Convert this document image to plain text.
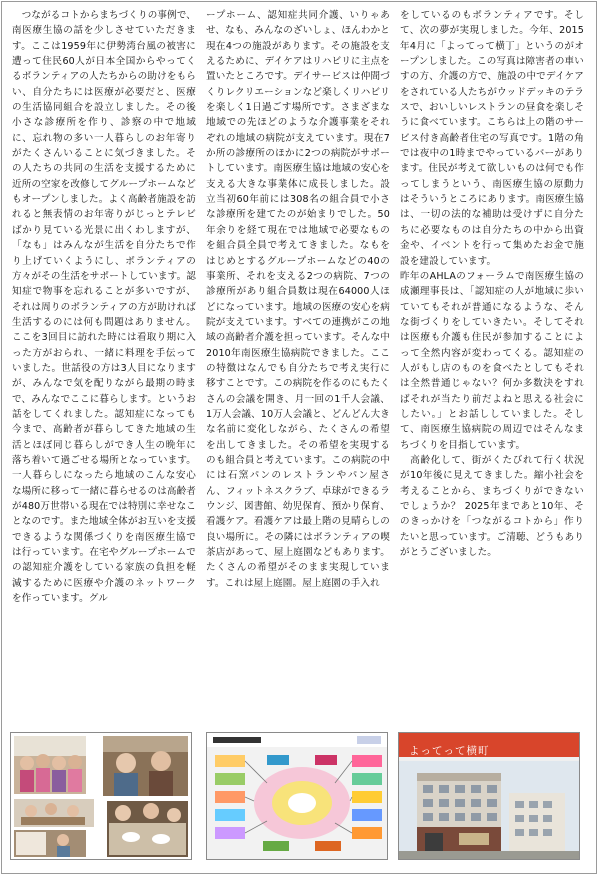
　つながるコトからまちづくりの事例で、南医療生協の話を少しさせていただきます。ここは1959年に伊勢湾台風の被害に遭って住民60人が日本全国からやってくるボランティアの人たちからの助けをもらい、自分たちには医療が必要だと、医療の生活協同組合を設立しました。その後小さな診療所を作り、診察の中で地域に、忘れ物の多い一人暮らしのお年寄りがたくさんいることに気づきました。その人たちの共同の生活を支援するために近所の空家を改修してグループホームなどもオープンしました。よく高齢者施設を訪れると無表情のお年寄りがじっとテレビばかり見ている光景に出くわしますが、「なも」はみんなが生活を自分たちで作り上げていくようにし、ボランティアの方々がその生活をサポートしています。認知症で物事を忘れることが多いですが、それは周りのボランティアの方が助ければ生活するのには何も問題はありません。ここを3回目に訪れた時には看取り期に入った方がおられ、一緒に料理を手伝っていました。世話役の方は3人目になりますが、みんなで気を配りながら最期の時まで、みんなでここに暮らします。というお話をしてくれました。認知症になっても今まで、高齢者が暮らしてきた地域の生活とほぼ同じ暮らしができ人生の晩年に落ち着いて過ごせる場所となっています。一人暮らしになったら地域のこんな安心な場所に移って一緒に暮らせるのは高齢者が480万世帯いる現在では特別に幸せなことなのです。また地域全体がお互いを支援できるような関係づくりを南医療生協では行っています。在宅やグループホームでの認知症介護をしている家族の負担を軽減するために医療や介護のネットワークを作っています。グル

ープホーム、認知症共同介護、いりゃあせ、なも、みんなのざいしょ、ほんわかと現在4つの施設があります。その施設を支えるために、デイケアはリハビリに主点を置いたところです。デイサービスは仲間づくりレクリエーションなど楽しくリハビリを楽しく1日過ごす場所です。さまざまな地域での先ほどのような介護事業をそれぞれの地域の病院が支えています。現在7か所の診療所のほかに2つの病院がサポートしています。南医療生協は地域の安心を支える大きな事業体に成長しました。設立当初60年前には308名の組合員で小さな診療所を建てたのが始まりでした。50年余りを経て現在では地域で必要なものを組合員全員で考えてきました。なもをはじめとするグループホームなどの40の事業所、それを支える2つの病院、7つの診療所があり組合員数は現在64000人ほどになっています。地域の医療の安心を病院が支えています。すべての連携がこの地域の高齢者介護を担っています。そんな中2010年南医療生協病院できました。ここの特徴はなんでも自分たちで考え実行に移すことです。この病院を作るのにもたくさんの会議を開き、月一回の1千人会議、1万人会議、10万人会議と、どんどん大きな名前に変化しながら、たくさんの希望を出してきました。その希望を実現するのも組合員と考えています。この病院の中には石窯パンのレストランやパン屋さん、フィットネスクラブ、卓球ができるラウンジ、図書館、幼児保育、預かり保育、看護ケア。看護ケアは最上階の見晴らしの良い場所に。その隣にはボランティアの喫茶店があって、屋上庭園などもあります。たくさんの希望がそのまま実現しています。これは屋上庭園。屋上庭園の手入れ

をしているのもボランティアです。そして、次の夢が実現しました。今年、2015年4月に「よってって横丁」というのがオープンしました。この写真は障害者の車いすの方、介護の方で、施設の中でデイケアをされている人たちがウッドデッキのテラスで、おいしいレストランの昼食を楽しそうに食べています。こちらは上の階のサービス付き高齢者住宅の写真です。1階の角では夜中の1時までやっているバーがあります。住民が考えて欲しいものは何でも作ってしまうという、南医療生協の原動力はそういうところにあります。南医療生協は、一切の法的な補助は受けずに自分たちに必要なものは自分たちの中から出資金や、イベントを行って集めたお金で施設を建設しています。
昨年のAHLAのフォーラムで南医療生協の成瀬理事長は、「認知症の人が地域に歩いていてもそれが普通になるような、そんな街づくりをしていきたい。そしてそれは医療も介護も住民が参加することによって全然内容が変わってくる。認知症の人がもし店のものを食べたとしてもそれは全然普通じゃない？何か多数決をすればそれが当たり前だよねと思える社会にしたい。」とお話ししていました。そして、南医療生協病院の周辺ではそんなまちづくりを目指しています。
　高齢化して、街がくたびれて行く状況が10年後に見えてきました。縮小社会を考えることから、まちづくりができないでしょうか？ 2025年まであと10年、そのきっかけを「つながるコトから」作りたいと思っています。ご清聴、どうもありがとうございました。

よってって横町
